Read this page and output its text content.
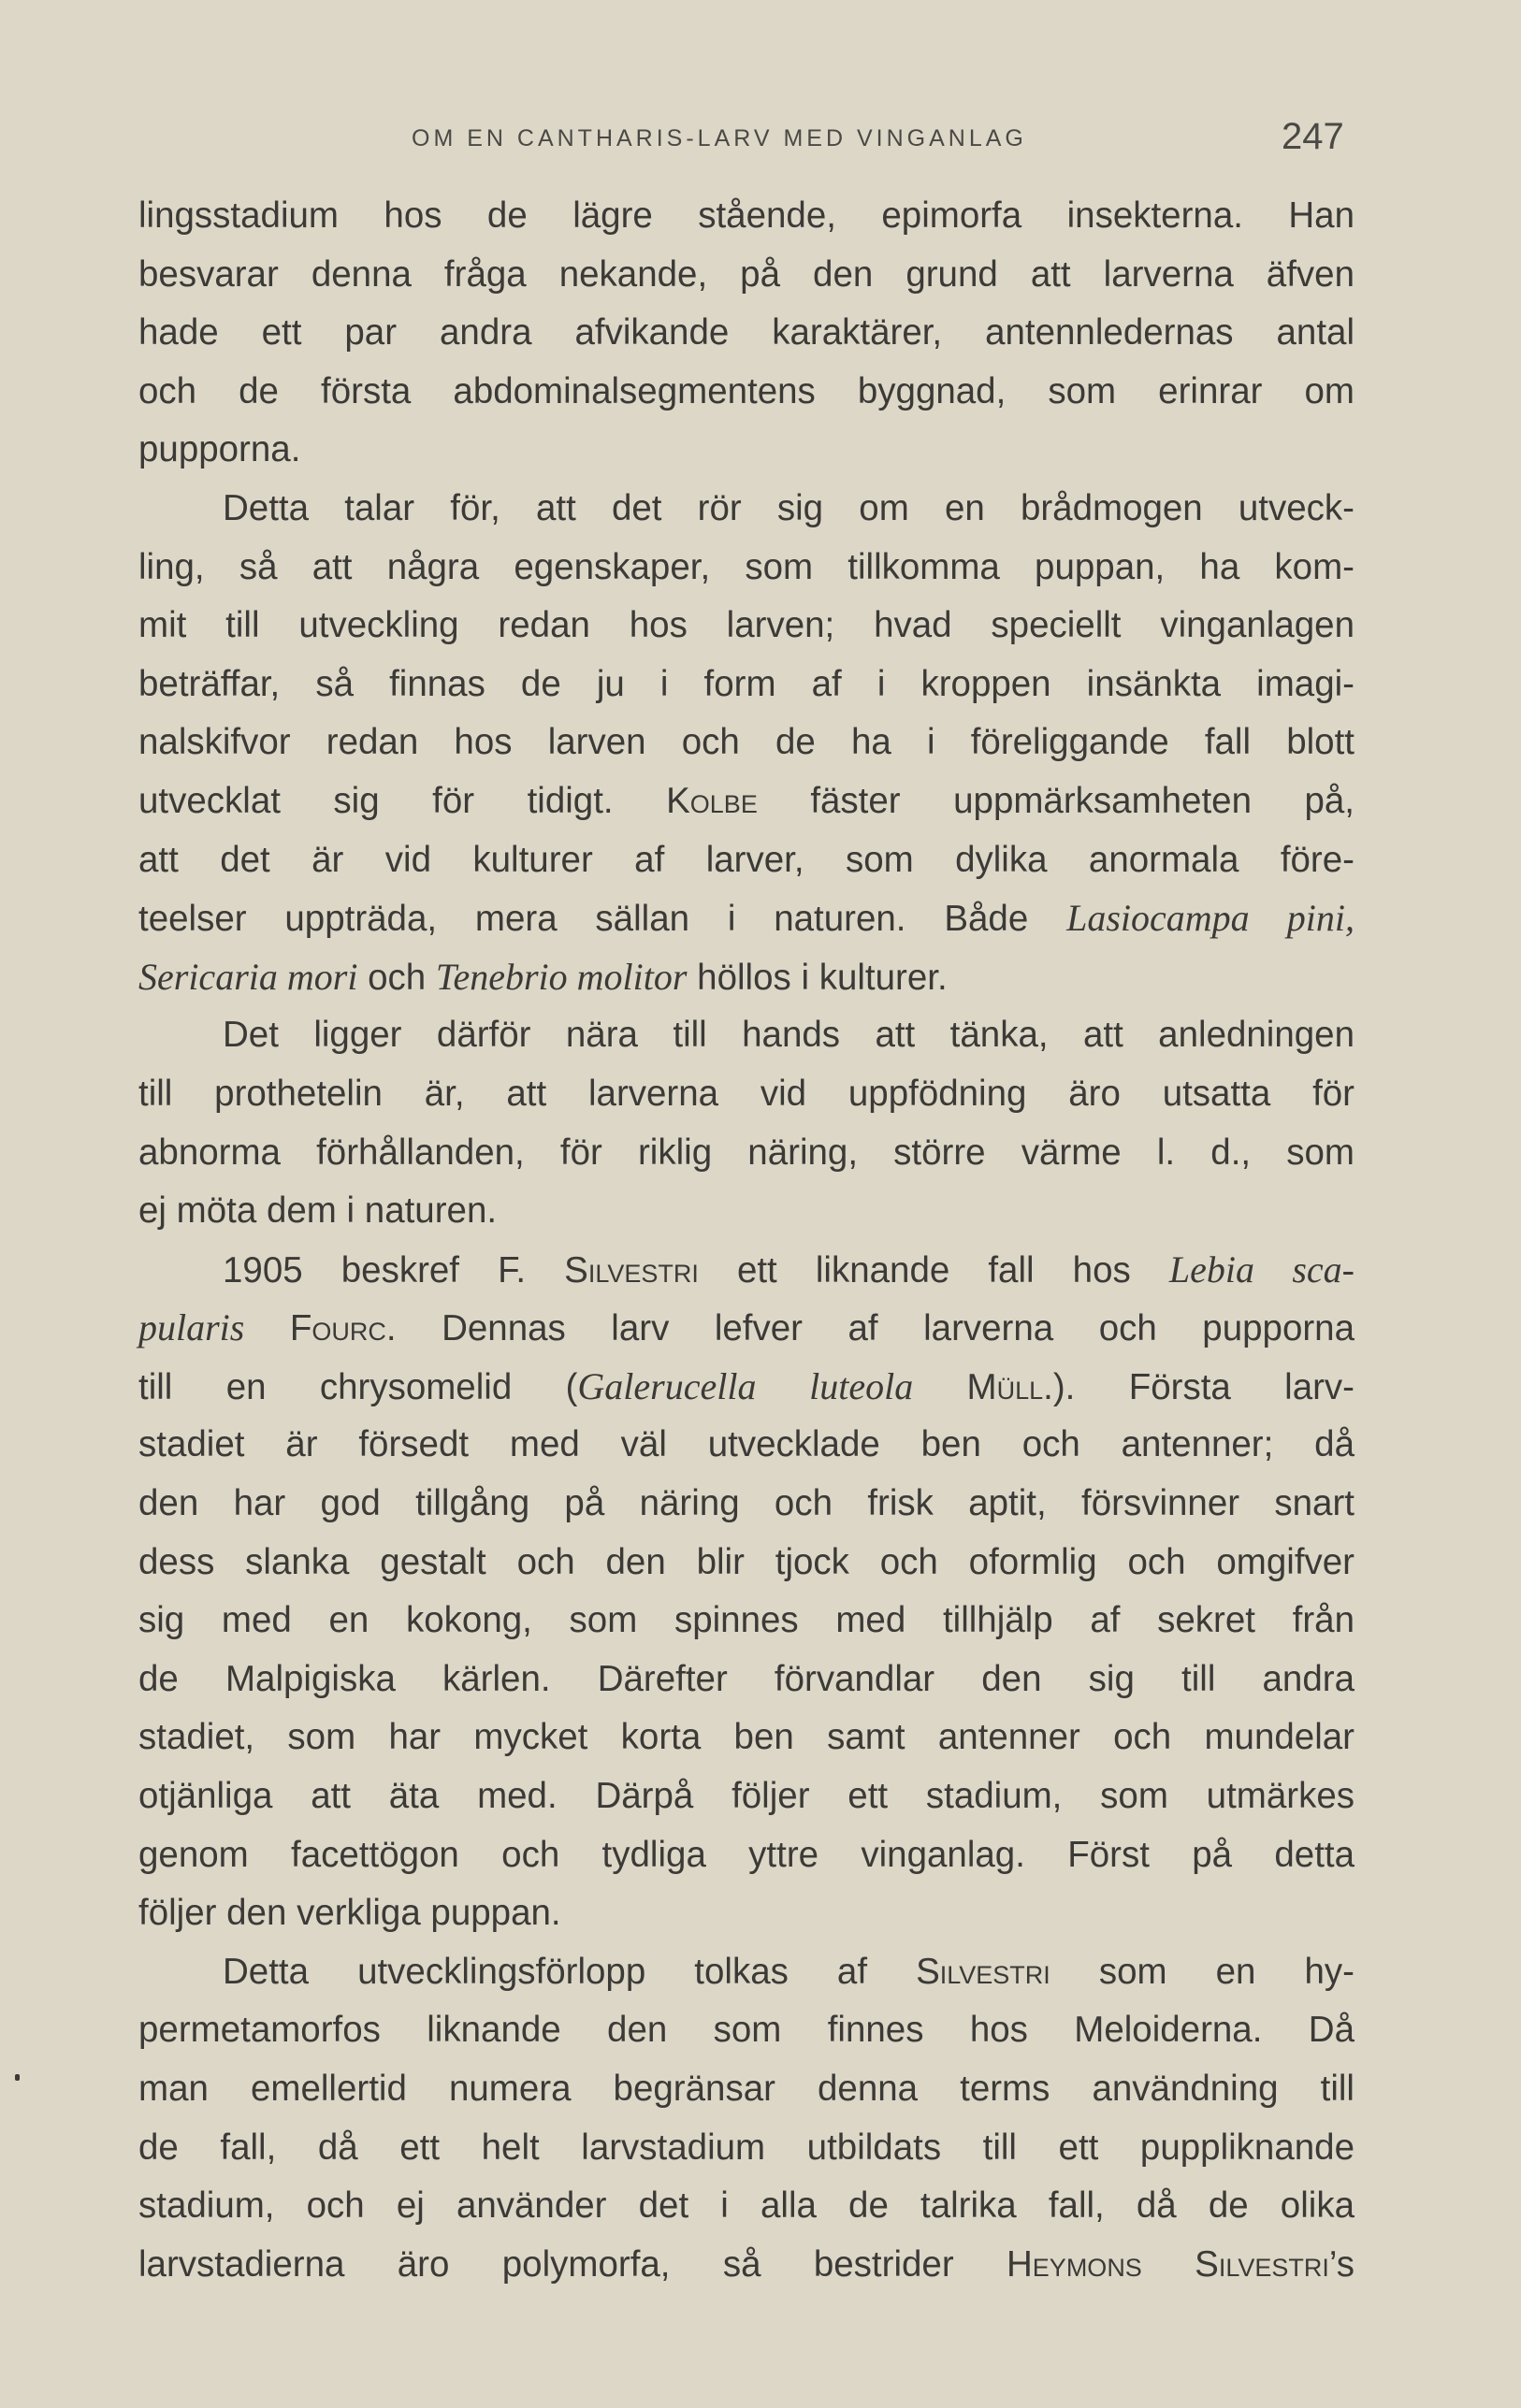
OM EN CANTHARIS-LARV MED VINGANLAG	247
lingsstadium hos de lägre stående, epimorfa insekterna. Han
besvarar denna fråga nekande, på den grund att larverna äfven
hade ett par andra afvikande karaktärer, antennledernas antal
och de första abdominalsegmentens byggnad, som erinrar om
pupporna.
Detta talar för, att det rör sig om en brådmogen utveck-
ling, så att några egenskaper, som tillkomma puppan, ha kom-
mit till utveckling redan hos larven; hvad speciellt vinganlagen
beträffar, så finnas de ju i form af i kroppen insänkta imagi-
nalskifvor redan hos larven och de ha i föreliggande fall blott
utvecklat sig för tidigt. Kolbe fäster uppmärksamheten på,
att det är vid kulturer af larver, som dylika anormala före-
teelser uppträda, mera sällan i naturen. Både Lasiocampa pini,
Sericaria mori och Tenebrio molitor höllos i kulturer.
Det ligger därför nära till hands att tänka, att anledningen
till prothetelin är, att larverna vid uppfödning äro utsatta för
abnorma förhållanden, för riklig näring, större värme l. d., som
ej möta dem i naturen.
1905 beskref F. Silvestri ett liknande fall hos Lebia sca-
pularis Fourc. Dennas larv lefver af larverna och pupporna
till en chrysomelid (Galerucella luteola Müll.). Första larv-
stadiet är försedt med väl utvecklade ben och antenner; då
den har god tillgång på näring och frisk aptit, försvinner snart
dess slanka gestalt och den blir tjock och oformlig och omgifver
sig med en kokong, som spinnes med tillhjälp af sekret från
de Malpigiska kärlen. Därefter förvandlar den sig till andra
stadiet, som har mycket korta ben samt antenner och mundelar
otjänliga att äta med. Därpå följer ett stadium, som utmärkes
genom facettögon och tydliga yttre vinganlag. Först på detta
följer den verkliga puppan.
Detta utvecklingsförlopp tolkas af Silvestri som en hy-
permetamorfos liknande den som finnes hos Meloiderna. Då
man emellertid numera begränsar denna terms användning till
de fall, då ett helt larvstadium utbildats till ett puppliknande
stadium, och ej använder det i alla de talrika fall, då de olika
larvstadierna äro polymorfa, så bestrider Heymons Silvestri’s
